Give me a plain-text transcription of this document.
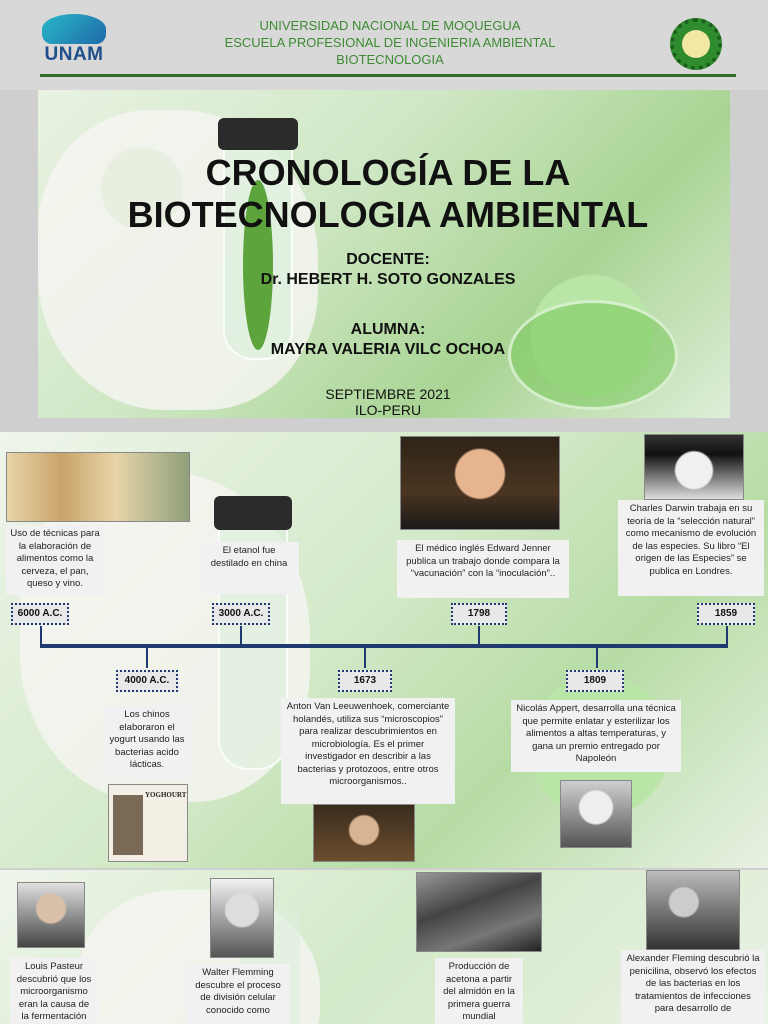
UNAM
UNIVERSIDAD NACIONAL DE MOQUEGUA
ESCUELA PROFESIONAL DE INGENIERIA AMBIENTAL
BIOTECNOLOGIA
CRONOLOGÍA DE LA
BIOTECNOLOGIA AMBIENTAL
DOCENTE:
Dr. HEBERT H. SOTO GONZALES
ALUMNA:
MAYRA VALERIA VILC OCHOA
SEPTIEMBRE 2021
ILO-PERU
Uso de técnicas para la elaboración de alimentos como la cerveza, el pan, queso y vino.
6000 A.C.
El etanol fue destilado en china
3000 A.C.
El médico inglés Edward Jenner publica un trabajo donde compara la “vacunación” con la “inoculación”..
1798
Charles Darwin trabaja en su teoría de la “selección natural” como mecanismo de evolución de las especies. Su libro “El origen de las Especies” se publica en Londres.
1859
4000 A.C.
Los chinos elaboraron el yogurt usando las bacterias acido lácticas.
YOGHOURT
1673
Anton Van Leeuwenhoek, comerciante holandés, utiliza sus “microscopios” para realizar descubrimientos en microbiología. Es el primer investigador en describir a las bacterias y protozoos, entre otros microorganismos..
1809
Nicolás Appert, desarrolla una técnica que permite enlatar y esterilizar los alimentos a altas temperaturas, y gana un premio entregado por Napoleón
Louis Pasteur descubrió que los microorganismo eran la causa de la fermentación
Walter Flemming descubre el proceso de división celular conocido como
Producción de acetona a partir del almidón en la primera guerra mundial
Alexander Fleming descubrió la penicilina, observó los efectos de las bacterias en los tratamientos de infecciones para desarrollo de
